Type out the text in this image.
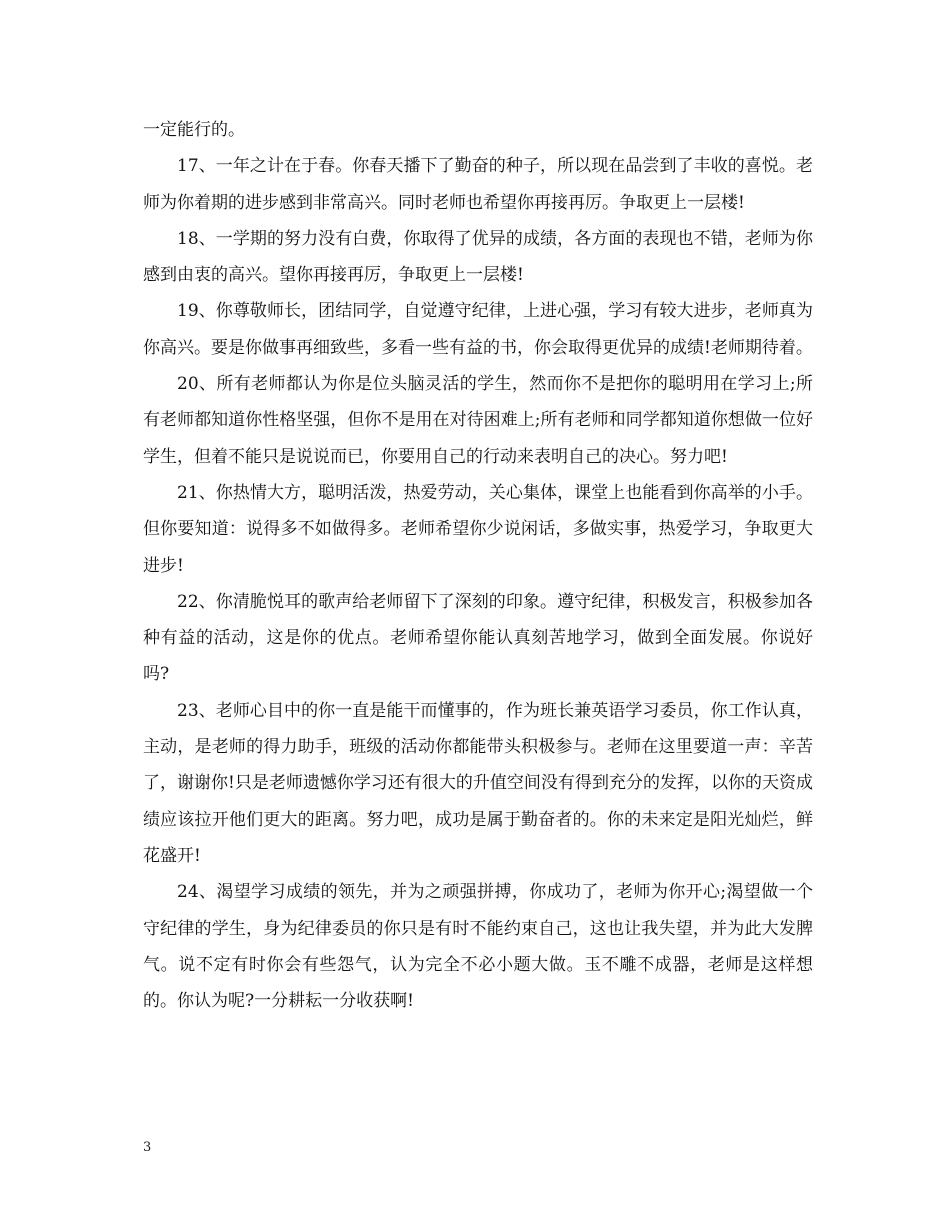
一定能行的。

17、一年之计在于春。你春天播下了勤奋的种子，所以现在品尝到了丰收的喜悦。老师为你着期的进步感到非常高兴。同时老师也希望你再接再厉。争取更上一层楼!

18、一学期的努力没有白费，你取得了优异的成绩，各方面的表现也不错，老师为你感到由衷的高兴。望你再接再厉，争取更上一层楼!

19、你尊敬师长，团结同学，自觉遵守纪律，上进心强，学习有较大进步，老师真为你高兴。要是你做事再细致些，多看一些有益的书，你会取得更优异的成绩!老师期待着。

20、所有老师都认为你是位头脑灵活的学生，然而你不是把你的聪明用在学习上;所有老师都知道你性格坚强，但你不是用在对待困难上;所有老师和同学都知道你想做一位好学生，但着不能只是说说而已，你要用自己的行动来表明自己的决心。努力吧!

21、你热情大方，聪明活泼，热爱劳动，关心集体，课堂上也能看到你高举的小手。但你要知道：说得多不如做得多。老师希望你少说闲话，多做实事，热爱学习，争取更大进步!

22、你清脆悦耳的歌声给老师留下了深刻的印象。遵守纪律，积极发言，积极参加各种有益的活动，这是你的优点。老师希望你能认真刻苦地学习，做到全面发展。你说好吗?

23、老师心目中的你一直是能干而懂事的，作为班长兼英语学习委员，你工作认真，主动，是老师的得力助手，班级的活动你都能带头积极参与。老师在这里要道一声：辛苦了，谢谢你!只是老师遗憾你学习还有很大的升值空间没有得到充分的发挥，以你的天资成绩应该拉开他们更大的距离。努力吧，成功是属于勤奋者的。你的未来定是阳光灿烂，鲜花盛开!

24、渴望学习成绩的领先，并为之顽强拼搏，你成功了，老师为你开心;渴望做一个守纪律的学生，身为纪律委员的你只是有时不能约束自己，这也让我失望，并为此大发脾气。说不定有时你会有些怨气，认为完全不必小题大做。玉不雕不成器，老师是这样想的。你认为呢?一分耕耘一分收获啊!

3
